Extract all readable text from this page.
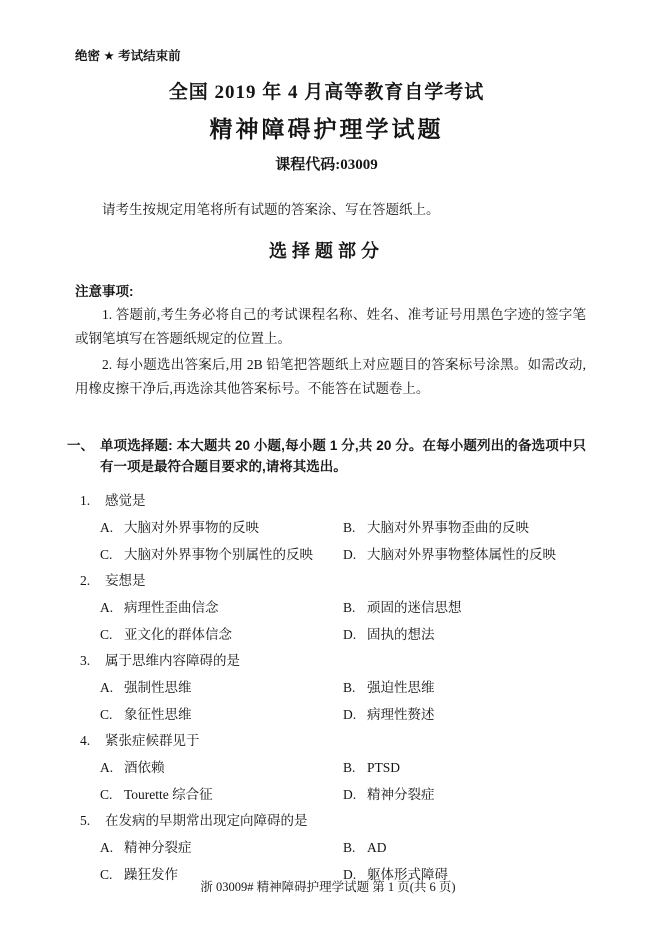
绝密 ★ 考试结束前
全国 2019 年 4 月高等教育自学考试
精神障碍护理学试题
课程代码:03009
请考生按规定用笔将所有试题的答案涂、写在答题纸上。
选择题部分
注意事项:
1. 答题前,考生务必将自己的考试课程名称、姓名、准考证号用黑色字迹的签字笔或钢笔填写在答题纸规定的位置上。
2. 每小题选出答案后,用 2B 铅笔把答题纸上对应题目的答案标号涂黑。如需改动,用橡皮擦干净后,再选涂其他答案标号。不能答在试题卷上。
一、 单项选择题: 本大题共 20 小题,每小题 1 分,共 20 分。在每小题列出的备选项中只有一项是最符合题目要求的,请将其选出。
1.	感觉是
A. 大脑对外界事物的反映	B. 大脑对外界事物歪曲的反映
C. 大脑对外界事物个别属性的反映	D. 大脑对外界事物整体属性的反映
2.	妄想是
A. 病理性歪曲信念	B. 顽固的迷信思想
C. 亚文化的群体信念	D. 固执的想法
3.	属于思维内容障碍的是
A. 强制性思维	B. 强迫性思维
C. 象征性思维	D. 病理性赘述
4.	紧张症候群见于
A. 酒依赖	B. PTSD
C. Tourette 综合征	D. 精神分裂症
5.	在发病的早期常出现定向障碍的是
A. 精神分裂症	B. AD
C. 躁狂发作	D. 躯体形式障碍
浙 03009# 精神障碍护理学试题 第 1 页(共 6 页)
